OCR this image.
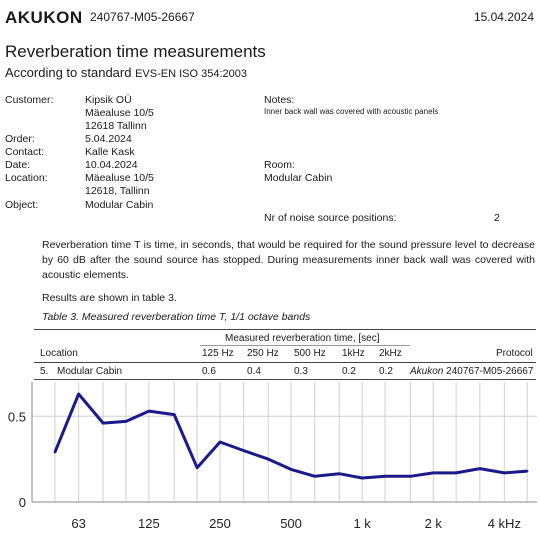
AKUKON 240767-M05-26667	15.04.2024
Reverberation time measurements
According to standard EVS-EN ISO 354:2003
Customer:	Kipsik OÜ
Mäealuse 10/5
12618 Tallinn
Order:	5.04.2024
Contact:	Kalle Kask
Date:	10.04.2024
Location:	Mäealuse 10/5
12618, Tallinn
Object:	Modular Cabin
Notes:
Inner back wall was covered with acoustic panels
Room:
Modular Cabin
Nr of noise source positions:	2
Reverberation time T is time, in seconds, that would be required for the sound pressure level to decrease by 60 dB after the sound source has stopped. During measurements inner back wall was covered with acoustic elements.
Results are shown in table 3.
Table 3. Measured reverberation time T, 1/1 octave bands
Measured reverberation time, [sec]
Location	125 Hz 250 Hz 500 Hz 1kHz 2kHz	Protocol
5. Modular Cabin	0.6	0.4	0.3	0.2 0.2 Akukon 240767-M05-26667
0
0.5
63	125	250	500	1 k	2 k	4 kHz
